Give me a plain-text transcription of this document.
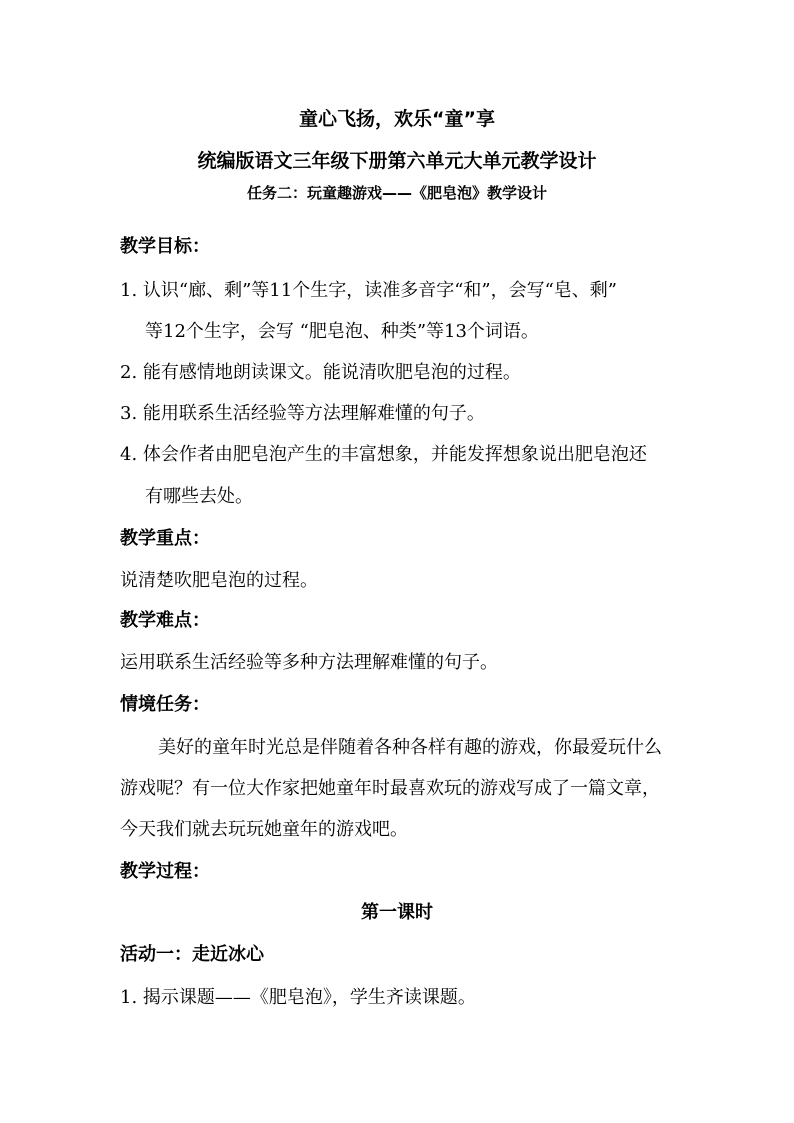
童心飞扬，欢乐“童”享
统编版语文三年级下册第六单元大单元教学设计
任务二：玩童趣游戏——《肥皂泡》教学设计
教学目标：
1. 认识“廊、剩”等11个生字，读准多音字“和”，会写“皂、剩”
等12个生字，会写 “肥皂泡、种类”等13个词语。
2. 能有感情地朗读课文。能说清吹肥皂泡的过程。
3. 能用联系生活经验等方法理解难懂的句子。
4. 体会作者由肥皂泡产生的丰富想象，并能发挥想象说出肥皂泡还
有哪些去处。
教学重点：
说清楚吹肥皂泡的过程。
教学难点：
运用联系生活经验等多种方法理解难懂的句子。
情境任务：
美好的童年时光总是伴随着各种各样有趣的游戏，你最爱玩什么
游戏呢？有一位大作家把她童年时最喜欢玩的游戏写成了一篇文章，
今天我们就去玩玩她童年的游戏吧。
教学过程：
第一课时
活动一：走近冰心
1. 揭示课题——《肥皂泡》，学生齐读课题。
